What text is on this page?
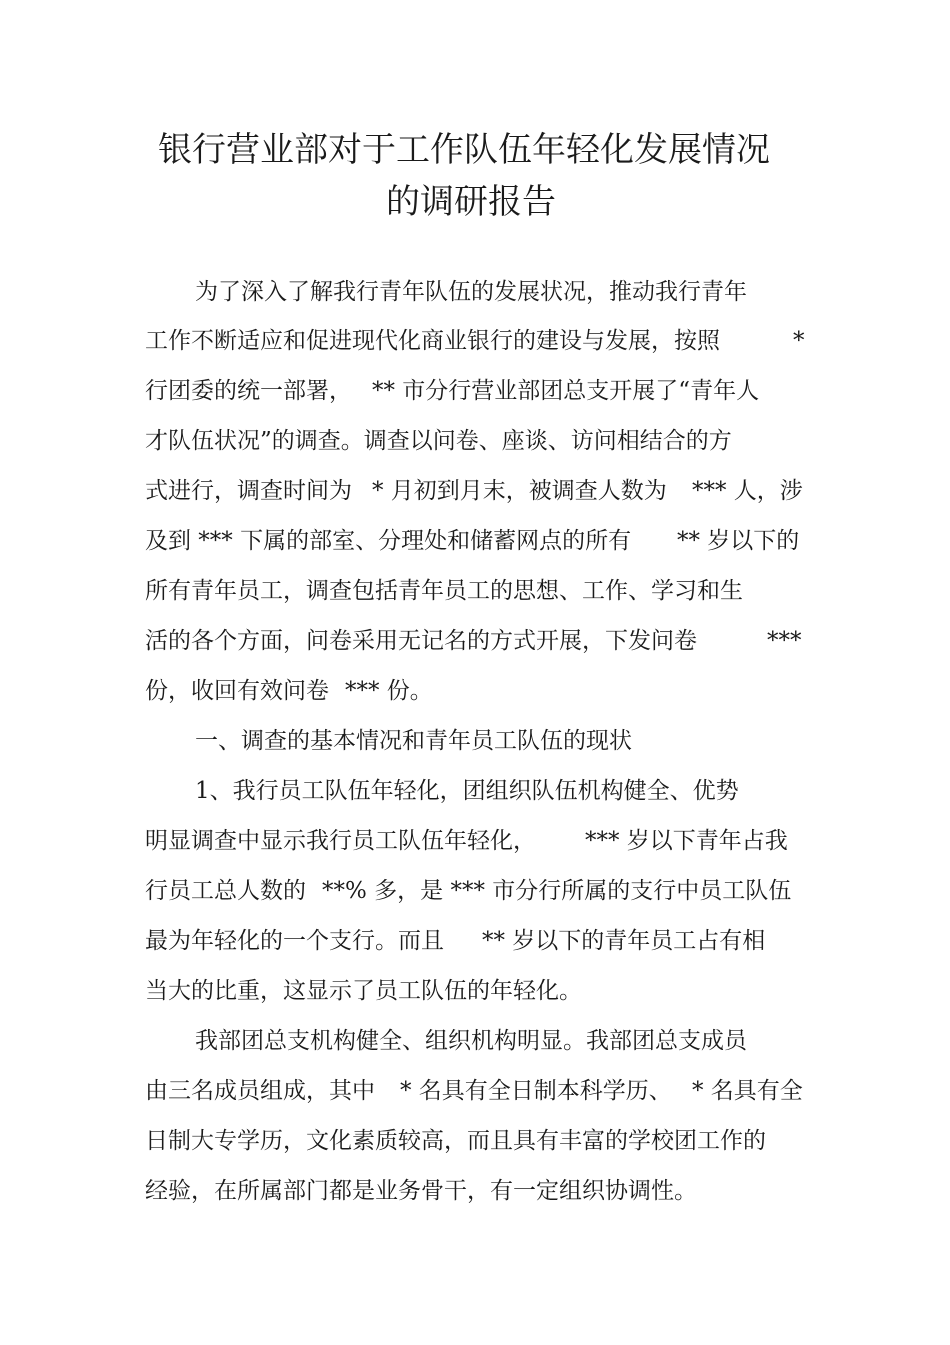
银行营业部对于工作队伍年轻化发展情况
的调研报告
为了深入了解我行青年队伍的发展状况，推动我行青年
工作不断适应和促进现代化商业银行的建设与发展，按照	*
行团委的统一部署， ** 市分行营业部团总支开展了“青年人
才队伍状况”的调查。调查以问卷、座谈、访问相结合的方
式进行，调查时间为 * 月初到月末，被调查人数为 *** 人，涉
及到 *** 下属的部室、分理处和储蓄网点的所有 ** 岁以下的
所有青年员工，调查包括青年员工的思想、工作、学习和生
活的各个方面，问卷采用无记名的方式开展，下发问卷	***
份，收回有效问卷 *** 份。
一、调查的基本情况和青年员工队伍的现状
1、我行员工队伍年轻化，团组织队伍机构健全、优势
明显调查中显示我行员工队伍年轻化， *** 岁以下青年占我
行员工总人数的 **% 多，是 *** 市分行所属的支行中员工队伍
最为年轻化的一个支行。而且 ** 岁以下的青年员工占有相
当大的比重，这显示了员工队伍的年轻化。
我部团总支机构健全、组织机构明显。我部团总支成员
由三名成员组成，其中 * 名具有全日制本科学历、 * 名具有全
日制大专学历，文化素质较高，而且具有丰富的学校团工作的
经验，在所属部门都是业务骨干，有一定组织协调性。
